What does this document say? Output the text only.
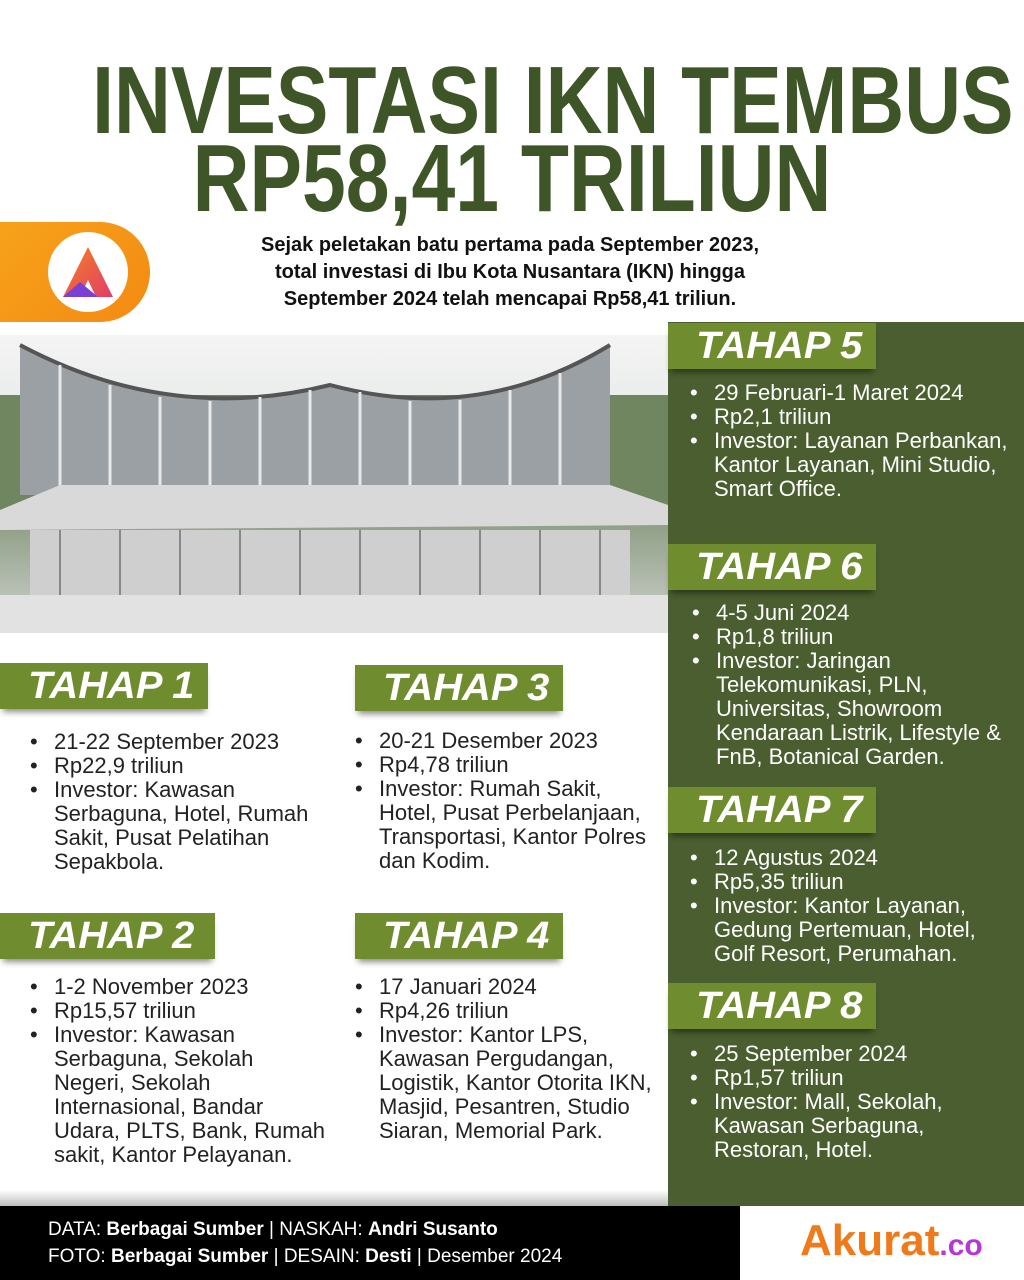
INVESTASI IKN TEMBUS
RP58,41 TRILIUN
Sejak peletakan batu pertama pada September 2023,
total investasi di Ibu Kota Nusantara (IKN) hingga
September 2024 telah mencapai Rp58,41 triliun.
TAHAP 1
• 21-22 September 2023
• Rp22,9 triliun
• Investor: Kawasan Serbaguna, Hotel, Rumah Sakit, Pusat Pelatihan Sepakbola.
TAHAP 2
• 1-2 November 2023
• Rp15,57 triliun
• Investor: Kawasan Serbaguna, Sekolah Negeri, Sekolah Internasional, Bandar Udara, PLTS, Bank, Rumah sakit, Kantor Pelayanan.
TAHAP 3
• 20-21 Desember 2023
• Rp4,78 triliun
• Investor: Rumah Sakit, Hotel, Pusat Perbelanjaan, Transportasi, Kantor Polres dan Kodim.
TAHAP 4
• 17 Januari 2024
• Rp4,26 triliun
• Investor: Kantor LPS, Kawasan Pergudangan, Logistik, Kantor Otorita IKN, Masjid, Pesantren, Studio Siaran, Memorial Park.
TAHAP 5
• 29 Februari-1 Maret 2024
• Rp2,1 triliun
• Investor: Layanan Perbankan, Kantor Layanan, Mini Studio, Smart Office.
TAHAP 6
• 4-5 Juni 2024
• Rp1,8 triliun
• Investor: Jaringan Telekomunikasi, PLN, Universitas, Showroom Kendaraan Listrik, Lifestyle & FnB, Botanical Garden.
TAHAP 7
• 12 Agustus 2024
• Rp5,35 triliun
• Investor: Kantor Layanan, Gedung Pertemuan, Hotel, Golf Resort, Perumahan.
TAHAP 8
• 25 September 2024
• Rp1,57 triliun
• Investor: Mall, Sekolah, Kawasan Serbaguna, Restoran, Hotel.
DATA: Berbagai Sumber | NASKAH: Andri Susanto
FOTO: Berbagai Sumber | DESAIN: Desti | Desember 2024	Akurat.co
